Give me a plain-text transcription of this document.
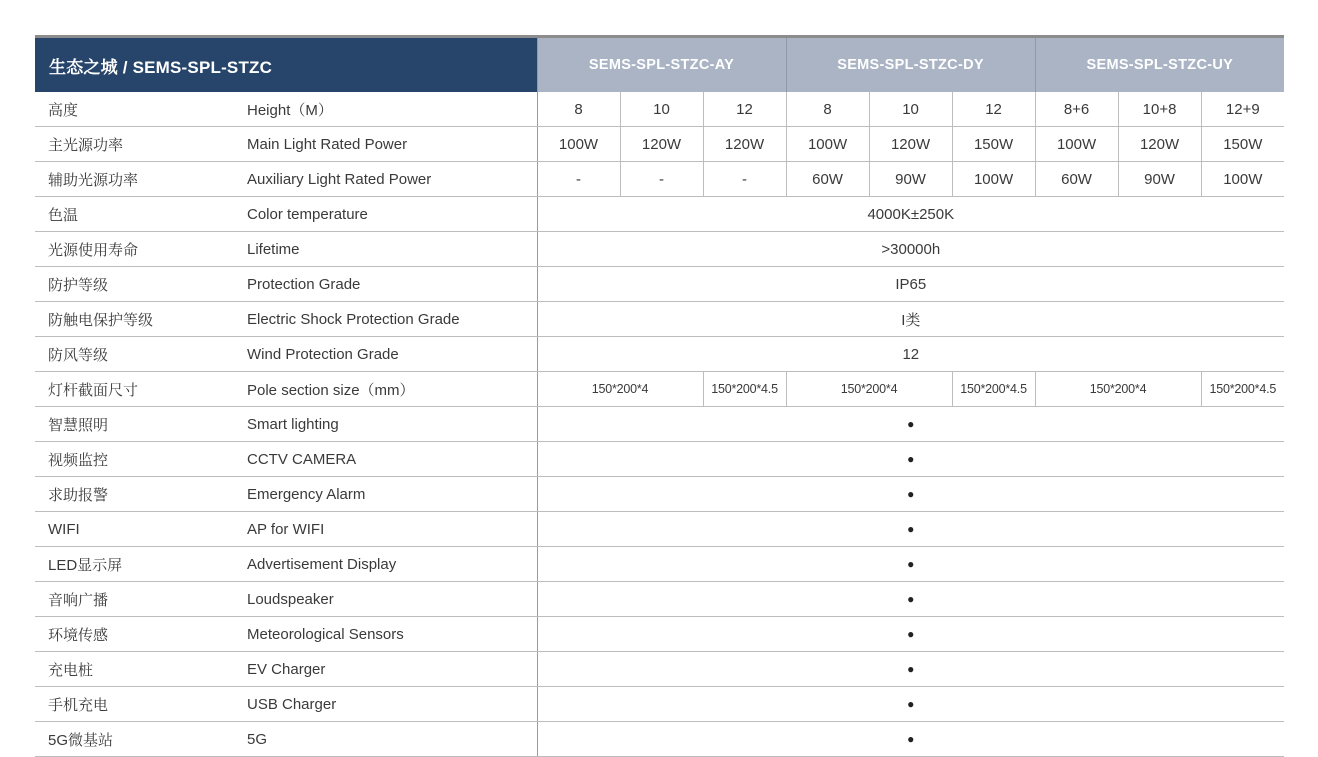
生态之城 / SEMS-SPL-STZC		SEMS-SPL-STZC-AY			SEMS-SPL-STZC-DY			SEMS-SPL-STZC-UY		
高度	Height（M）	8	10	12	8	10	12	8+6	10+8	12+9
主光源功率	Main Light Rated Power	100W	120W	120W	100W	120W	150W	100W	120W	150W
辅助光源功率	Auxiliary Light Rated Power	-	-	-	60W	90W	100W	60W	90W	100W
色温	Color temperature	4000K±250K								
光源使用寿命	Lifetime	>30000h								
防护等级	Protection Grade	IP65								
防触电保护等级	Electric Shock Protection Grade	I类								
防风等级	Wind Protection Grade	12								
灯杆截面尺寸	Pole section size（mm）	150*200*4		150*200*4.5	150*200*4		150*200*4.5	150*200*4		150*200*4.5
智慧照明	Smart lighting	●								
视频监控	CCTV CAMERA	●								
求助报警	Emergency Alarm	●								
WIFI	AP for WIFI	●								
LED显示屏	Advertisement Display	●								
音响广播	Loudspeaker	●								
环境传感	Meteorological Sensors	●								
充电桩	EV Charger	●								
手机充电	USB Charger	●								
5G微基站	5G	●								
